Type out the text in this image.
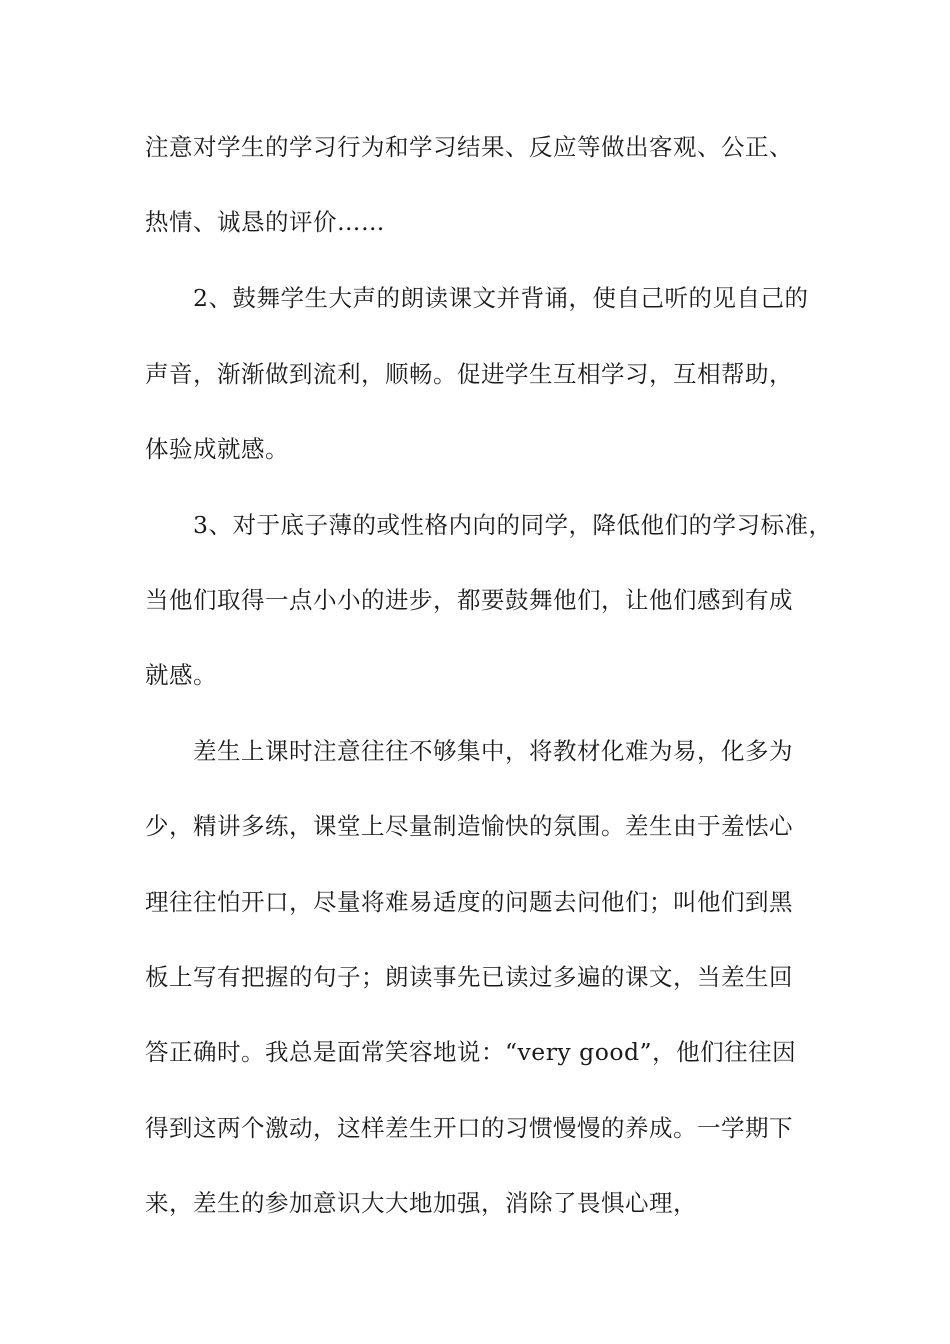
注意对学生的学习行为和学习结果、反应等做出客观、公正、
热情、诚恳的评价……
2、鼓舞学生大声的朗读课文并背诵，使自己听的见自己的
声音，渐渐做到流利，顺畅。促进学生互相学习，互相帮助，
体验成就感。
3、对于底子薄的或性格内向的同学，降低他们的学习标准，
当他们取得一点小小的进步，都要鼓舞他们，让他们感到有成
就感。
差生上课时注意往往不够集中，将教材化难为易，化多为
少，精讲多练，课堂上尽量制造愉快的氛围。差生由于羞怯心
理往往怕开口，尽量将难易适度的问题去问他们；叫他们到黑
板上写有把握的句子；朗读事先已读过多遍的课文，当差生回
答正确时。我总是面常笑容地说：“very good”，他们往往因
得到这两个激动，这样差生开口的习惯慢慢的养成。一学期下
来，差生的参加意识大大地加强，消除了畏惧心理，
